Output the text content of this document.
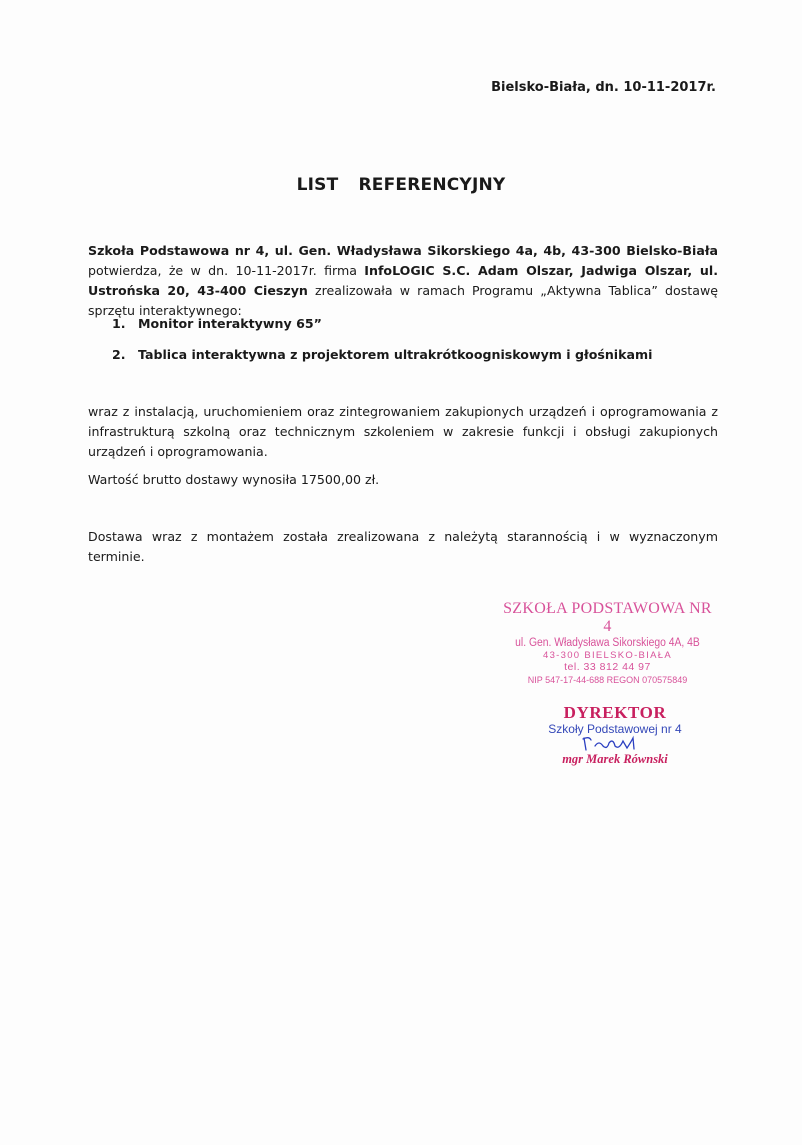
Bielsko-Biała, dn. 10-11-2017r.
LIST REFERENCYJNY
Szkoła Podstawowa nr 4, ul. Gen. Władysława Sikorskiego 4a, 4b, 43-300 Bielsko-Biała potwierdza, że w dn. 10-11-2017r. firma InfoLOGIC S.C. Adam Olszar, Jadwiga Olszar, ul. Ustrońska 20, 43-400 Cieszyn zrealizowała w ramach Programu „Aktywna Tablica” dostawę sprzętu interaktywnego:
1. Monitor interaktywny 65”
2. Tablica interaktywna z projektorem ultrakrótkoogniskowym i głośnikami
wraz z instalacją, uruchomieniem oraz zintegrowaniem zakupionych urządzeń i oprogramowania z infrastrukturą szkolną oraz technicznym szkoleniem w zakresie funkcji i obsługi zakupionych urządzeń i oprogramowania.
Wartość brutto dostawy wynosiła 17500,00 zł.
Dostawa wraz z montażem została zrealizowana z należytą starannością i w wyznaczonym terminie.
SZKOŁA PODSTAWOWA NR 4
ul. Gen. Władysława Sikorskiego 4A, 4B
43-300 BIELSKO-BIAŁA
tel. 33 812 44 97
NIP 547-17-44-688 REGON 070575849
DYREKTOR
Szkoły Podstawowej nr 4
mgr Marek Równski
